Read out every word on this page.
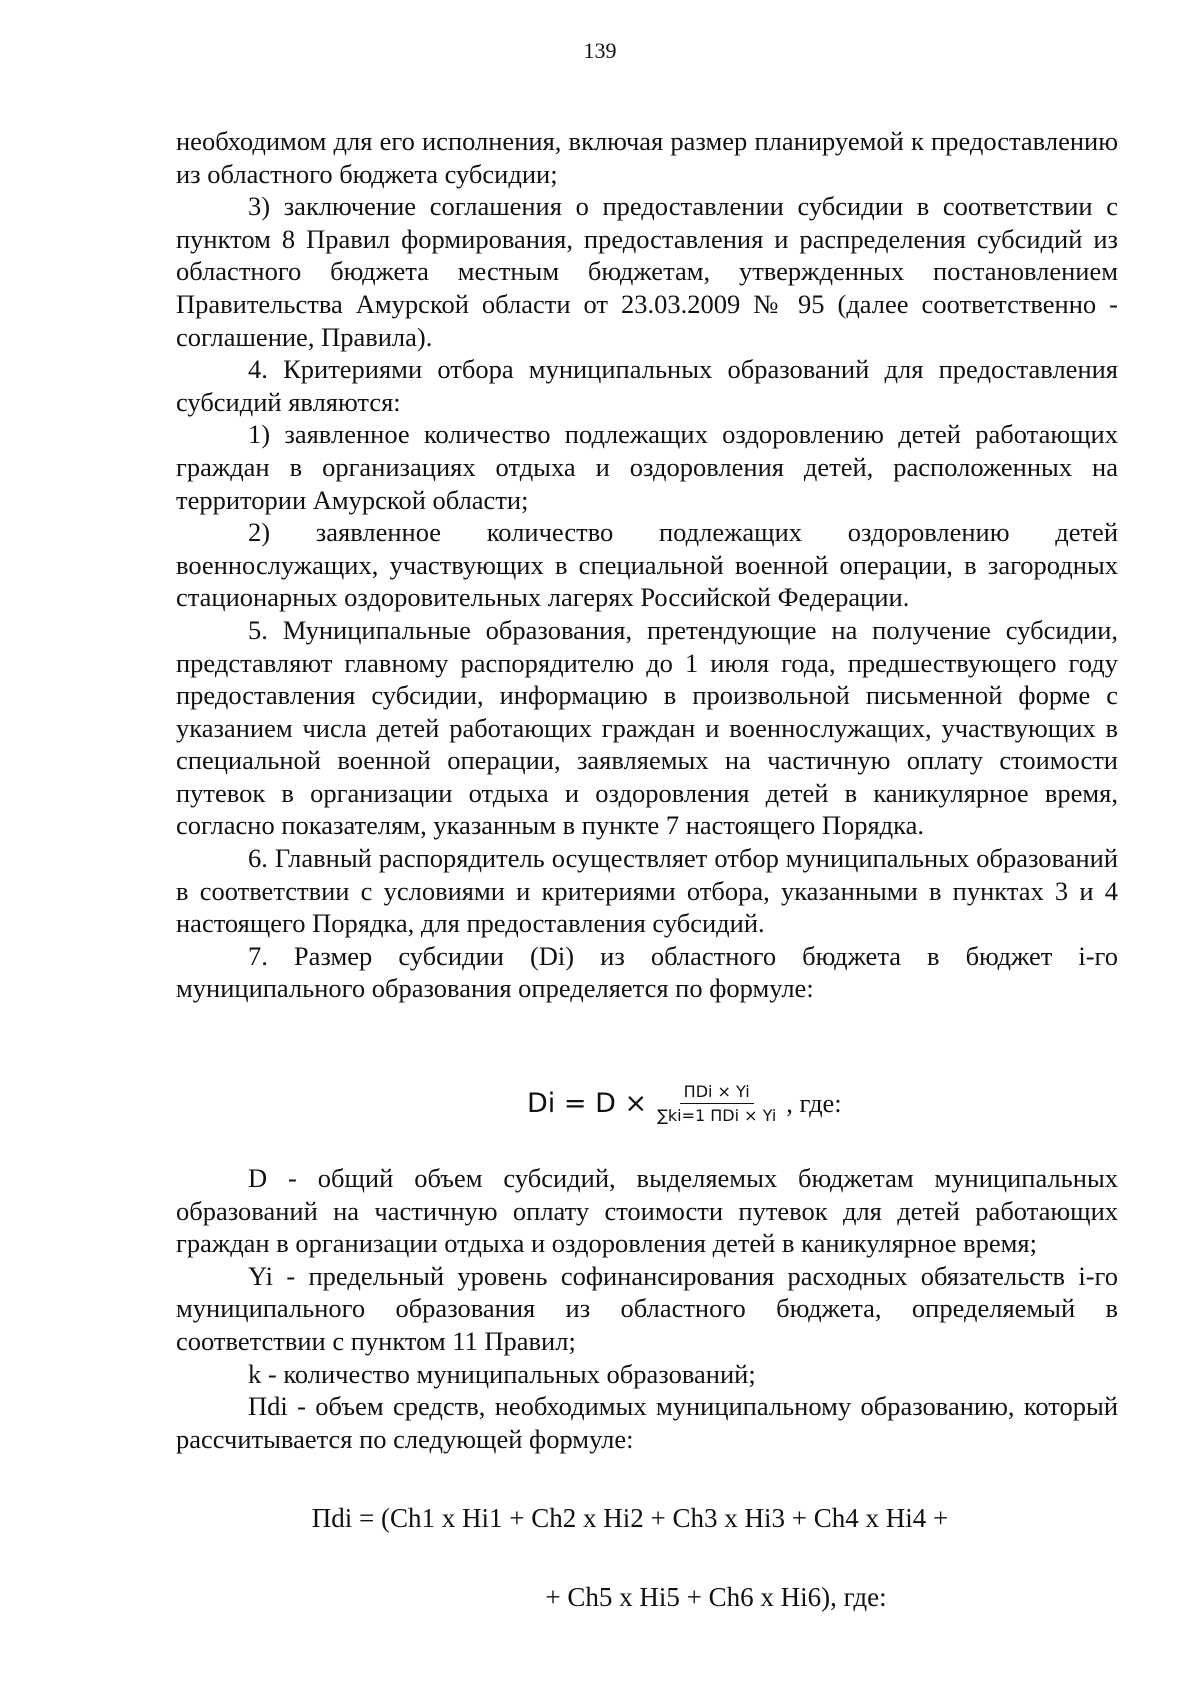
139

необходимом для его исполнения, включая размер планируемой к предоставлению из областного бюджета субсидии;

3) заключение соглашения о предоставлении субсидии в соответствии с пунктом 8 Правил формирования, предоставления и распределения субсидий из областного бюджета местным бюджетам, утвержденных постановлением Правительства Амурской области от 23.03.2009 № 95 (далее соответственно - соглашение, Правила).

4. Критериями отбора муниципальных образований для предоставления субсидий являются:

1) заявленное количество подлежащих оздоровлению детей работающих граждан в организациях отдыха и оздоровления детей, расположенных на территории Амурской области;

2) заявленное количество подлежащих оздоровлению детей военнослужащих, участвующих в специальной военной операции, в загородных стационарных оздоровительных лагерях Российской Федерации.

5. Муниципальные образования, претендующие на получение субсидии, представляют главному распорядителю до 1 июля года, предшествующего году предоставления субсидии, информацию в произвольной письменной форме с указанием числа детей работающих граждан и военнослужащих, участвующих в специальной военной операции, заявляемых на частичную оплату стоимости путевок в организации отдыха и оздоровления детей в каникулярное время, согласно показателям, указанным в пункте 7 настоящего Порядка.

6. Главный распорядитель осуществляет отбор муниципальных образований в соответствии с условиями и критериями отбора, указанными в пунктах 3 и 4 настоящего Порядка, для предоставления субсидий.

7. Размер субсидии (Di) из областного бюджета в бюджет i-го муниципального образования определяется по формуле:

$Di = D \times \frac{\text{ПDi × Yi}}{\text{∑ki=1 ПDi × Yi}}$ , где:

D - общий объем субсидий, выделяемых бюджетам муниципальных образований на частичную оплату стоимости путевок для детей работающих граждан в организации отдыха и оздоровления детей в каникулярное время;

Yi - предельный уровень софинансирования расходных обязательств i-го муниципального образования из областного бюджета, определяемый в соответствии с пунктом 11 Правил;

k - количество муниципальных образований;

Пdi - объем средств, необходимых муниципальному образованию, который рассчитывается по следующей формуле:

Пdi = (Ch1 x Hi1 + Ch2 x Hi2 + Ch3 x Hi3 + Ch4 x Hi4 +
+ Ch5 x Hi5 + Ch6 x Hi6), где:
